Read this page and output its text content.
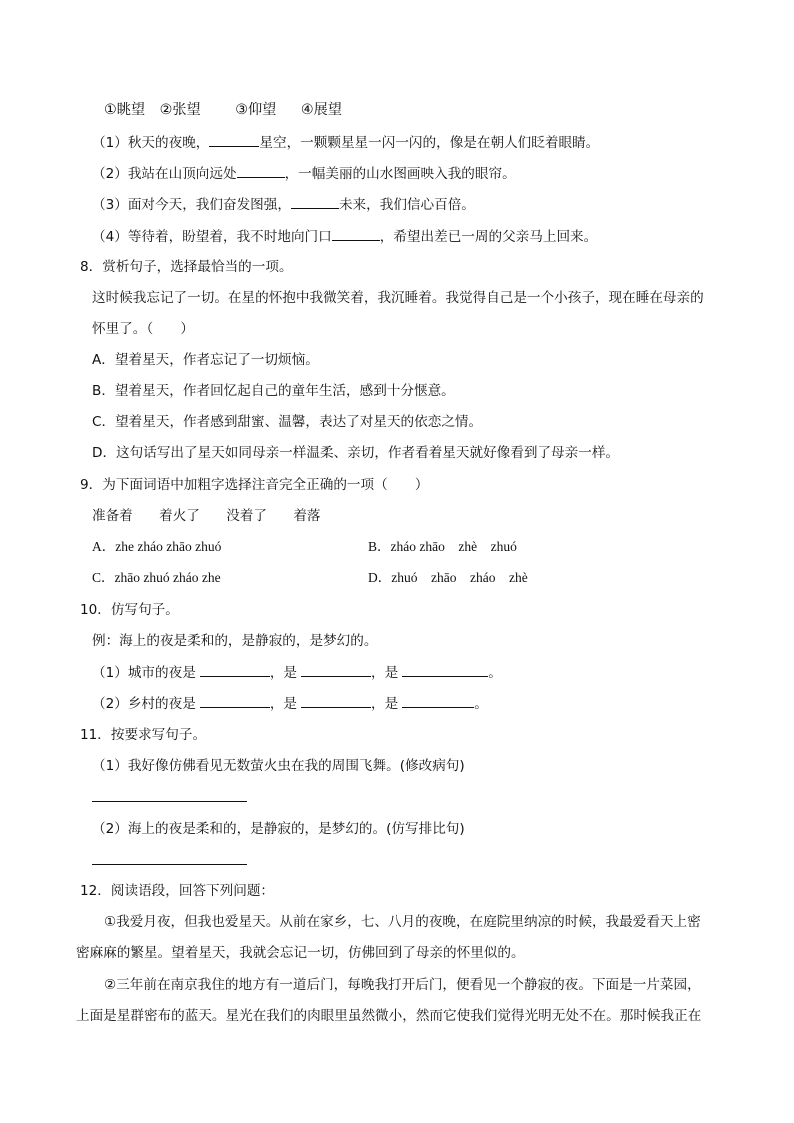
①眺望 ②张望 ③仰望 ④展望
（1）秋天的夜晚，	星空，一颗颗星星一闪一闪的，像是在朝人们眨着眼睛。
（2）我站在山顶向远处	，一幅美丽的山水图画映入我的眼帘。
（3）面对今天，我们奋发图强，	未来，我们信心百倍。
（4）等待着，盼望着，我不时地向门口	，希望出差已一周的父亲马上回来。
8．赏析句子，选择最恰当的一项。
这时候我忘记了一切。在星的怀抱中我微笑着，我沉睡着。我觉得自己是一个小孩子，现在睡在母亲的
怀里了。（　　）
A．望着星天，作者忘记了一切烦恼。
B．望着星天，作者回忆起自己的童年生活，感到十分惬意。
C．望着星天，作者感到甜蜜、温馨，表达了对星天的依恋之情。
D．这句话写出了星天如同母亲一样温柔、亲切，作者看着星天就好像看到了母亲一样。
9．为下面词语中加粗字选择注音完全正确的一项（　　）
准备着 着火了 没着了 着落
A．zhe zháo zhāo zhuó	B．zháo zhāo　zhè　zhuó
C．zhāo zhuó zháo zhe	D．zhuó　zhāo　zháo　zhè
10．仿写句子。
例：海上的夜是柔和的，是静寂的，是梦幻的。
（1）城市的夜是	，是	，是	。
（2）乡村的夜是	，是	，是	。
11．按要求写句子。
（1）我好像仿佛看见无数萤火虫在我的周围飞舞。(修改病句)
（2）海上的夜是柔和的，是静寂的，是梦幻的。(仿写排比句)
12．阅读语段，回答下列问题：
①我爱月夜，但我也爱星天。从前在家乡，七、八月的夜晚，在庭院里纳凉的时候，我最爱看天上密
密麻麻的繁星。望着星天，我就会忘记一切，仿佛回到了母亲的怀里似的。
②三年前在南京我住的地方有一道后门，每晚我打开后门，便看见一个静寂的夜。下面是一片菜园，
上面是星群密布的蓝天。星光在我们的肉眼里虽然微小，然而它使我们觉得光明无处不在。那时候我正在
